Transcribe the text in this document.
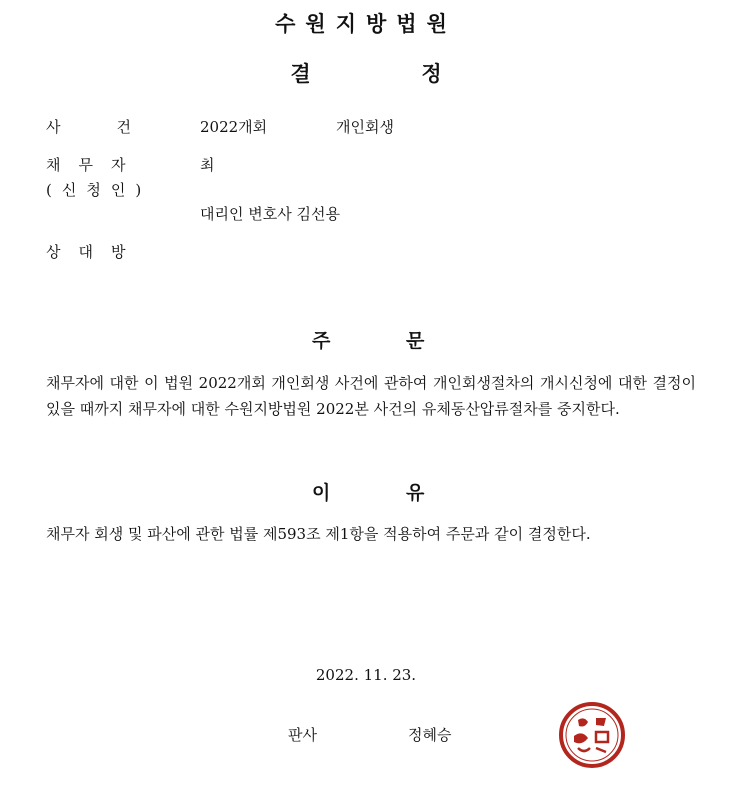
수원지방법원
결	정
사건 2022개회	개인회생
채무자	최
(신청인)
대리인 변호사 김선용
상대방
주	문
채무자에 대한 이 법원 2022개회 개인회생 사건에 관하여 개인회생절차의 개시신청에 대한 결정이 있을 때까지 채무자에 대한 수원지방법원 2022본 사건의 유체동산압류절차를 중지한다.
이	유
채무자 회생 및 파산에 관한 법률 제593조 제1항을 적용하여 주문과 같이 결정한다.
2022. 11. 23.
판사	정혜승
